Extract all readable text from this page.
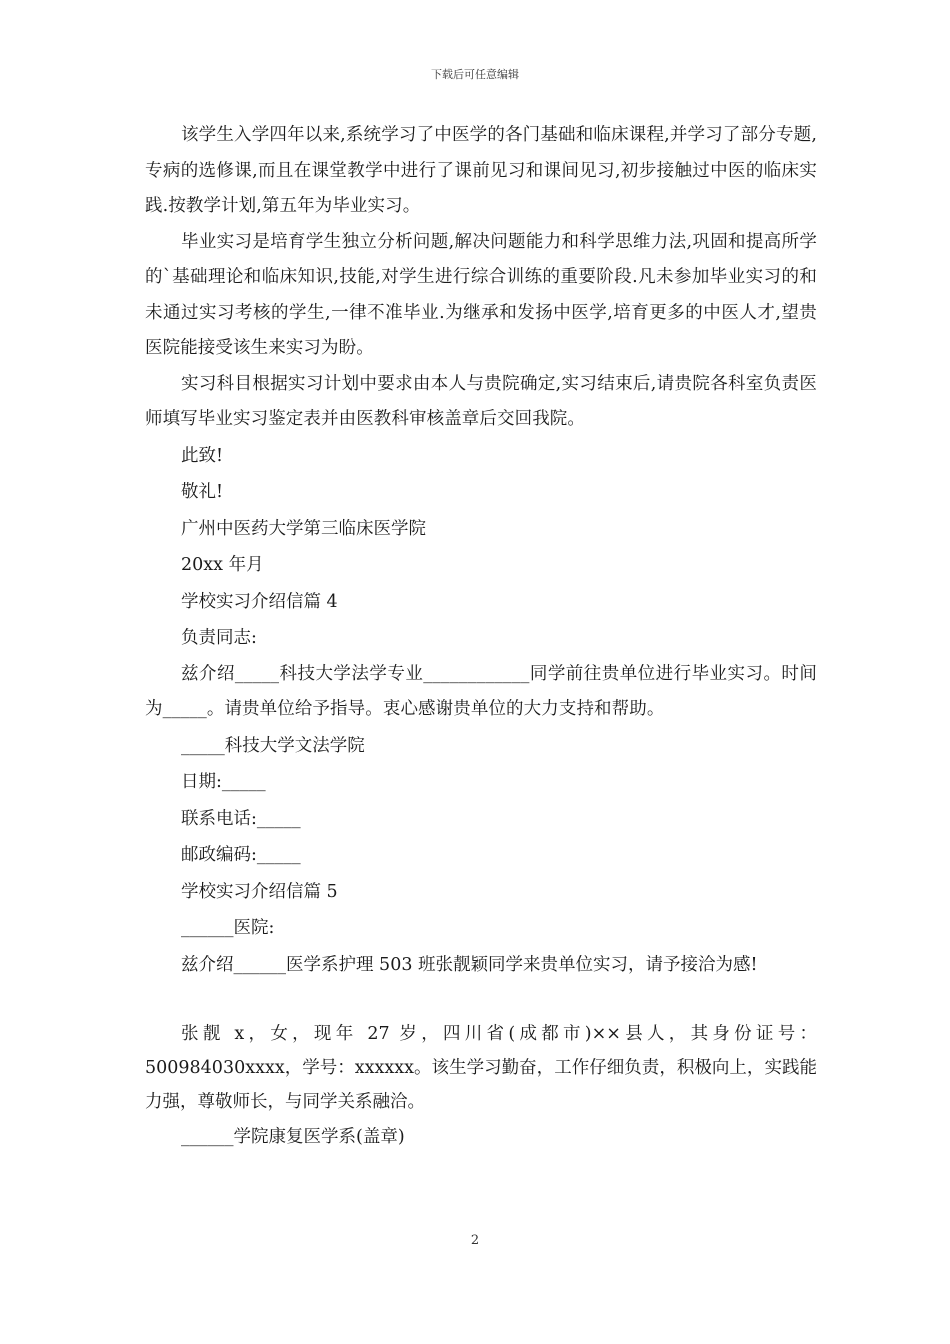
下载后可任意编辑

该学生入学四年以来,系统学习了中医学的各门基础和临床课程,并学习了部分专题,专病的选修课,而且在课堂教学中进行了课前见习和课间见习,初步接触过中医的临床实践.按教学计划,第五年为毕业实习。

毕业实习是培育学生独立分析问题,解决问题能力和科学思维力法,巩固和提高所学的`基础理论和临床知识,技能,对学生进行综合训练的重要阶段.凡未参加毕业实习的和未通过实习考核的学生,一律不准毕业.为继承和发扬中医学,培育更多的中医人才,望贵医院能接受该生来实习为盼。

实习科目根据实习计划中要求由本人与贵院确定,实习结束后,请贵院各科室负责医师填写毕业实习鉴定表并由医教科审核盖章后交回我院。

此致!

敬礼!

广州中医药大学第三临床医学院

20xx 年月

学校实习介绍信篇 4

负责同志:

兹介绍_____科技大学法学专业____________同学前往贵单位进行毕业实习。时间为_____。请贵单位给予指导。衷心感谢贵单位的大力支持和帮助。

_____科技大学文法学院

日期:_____

联系电话:_____

邮政编码:_____

学校实习介绍信篇 5

______医院:

兹介绍______医学系护理 503 班张靓颖同学来贵单位实习，请予接洽为感!

张靓 x，女，现年 27 岁，四川省(成都市)××县人，其身份证号：500984030xxxx，学号：xxxxxx。该生学习勤奋，工作仔细负责，积极向上，实践能力强，尊敬师长，与同学关系融洽。

______学院康复医学系(盖章)

2
